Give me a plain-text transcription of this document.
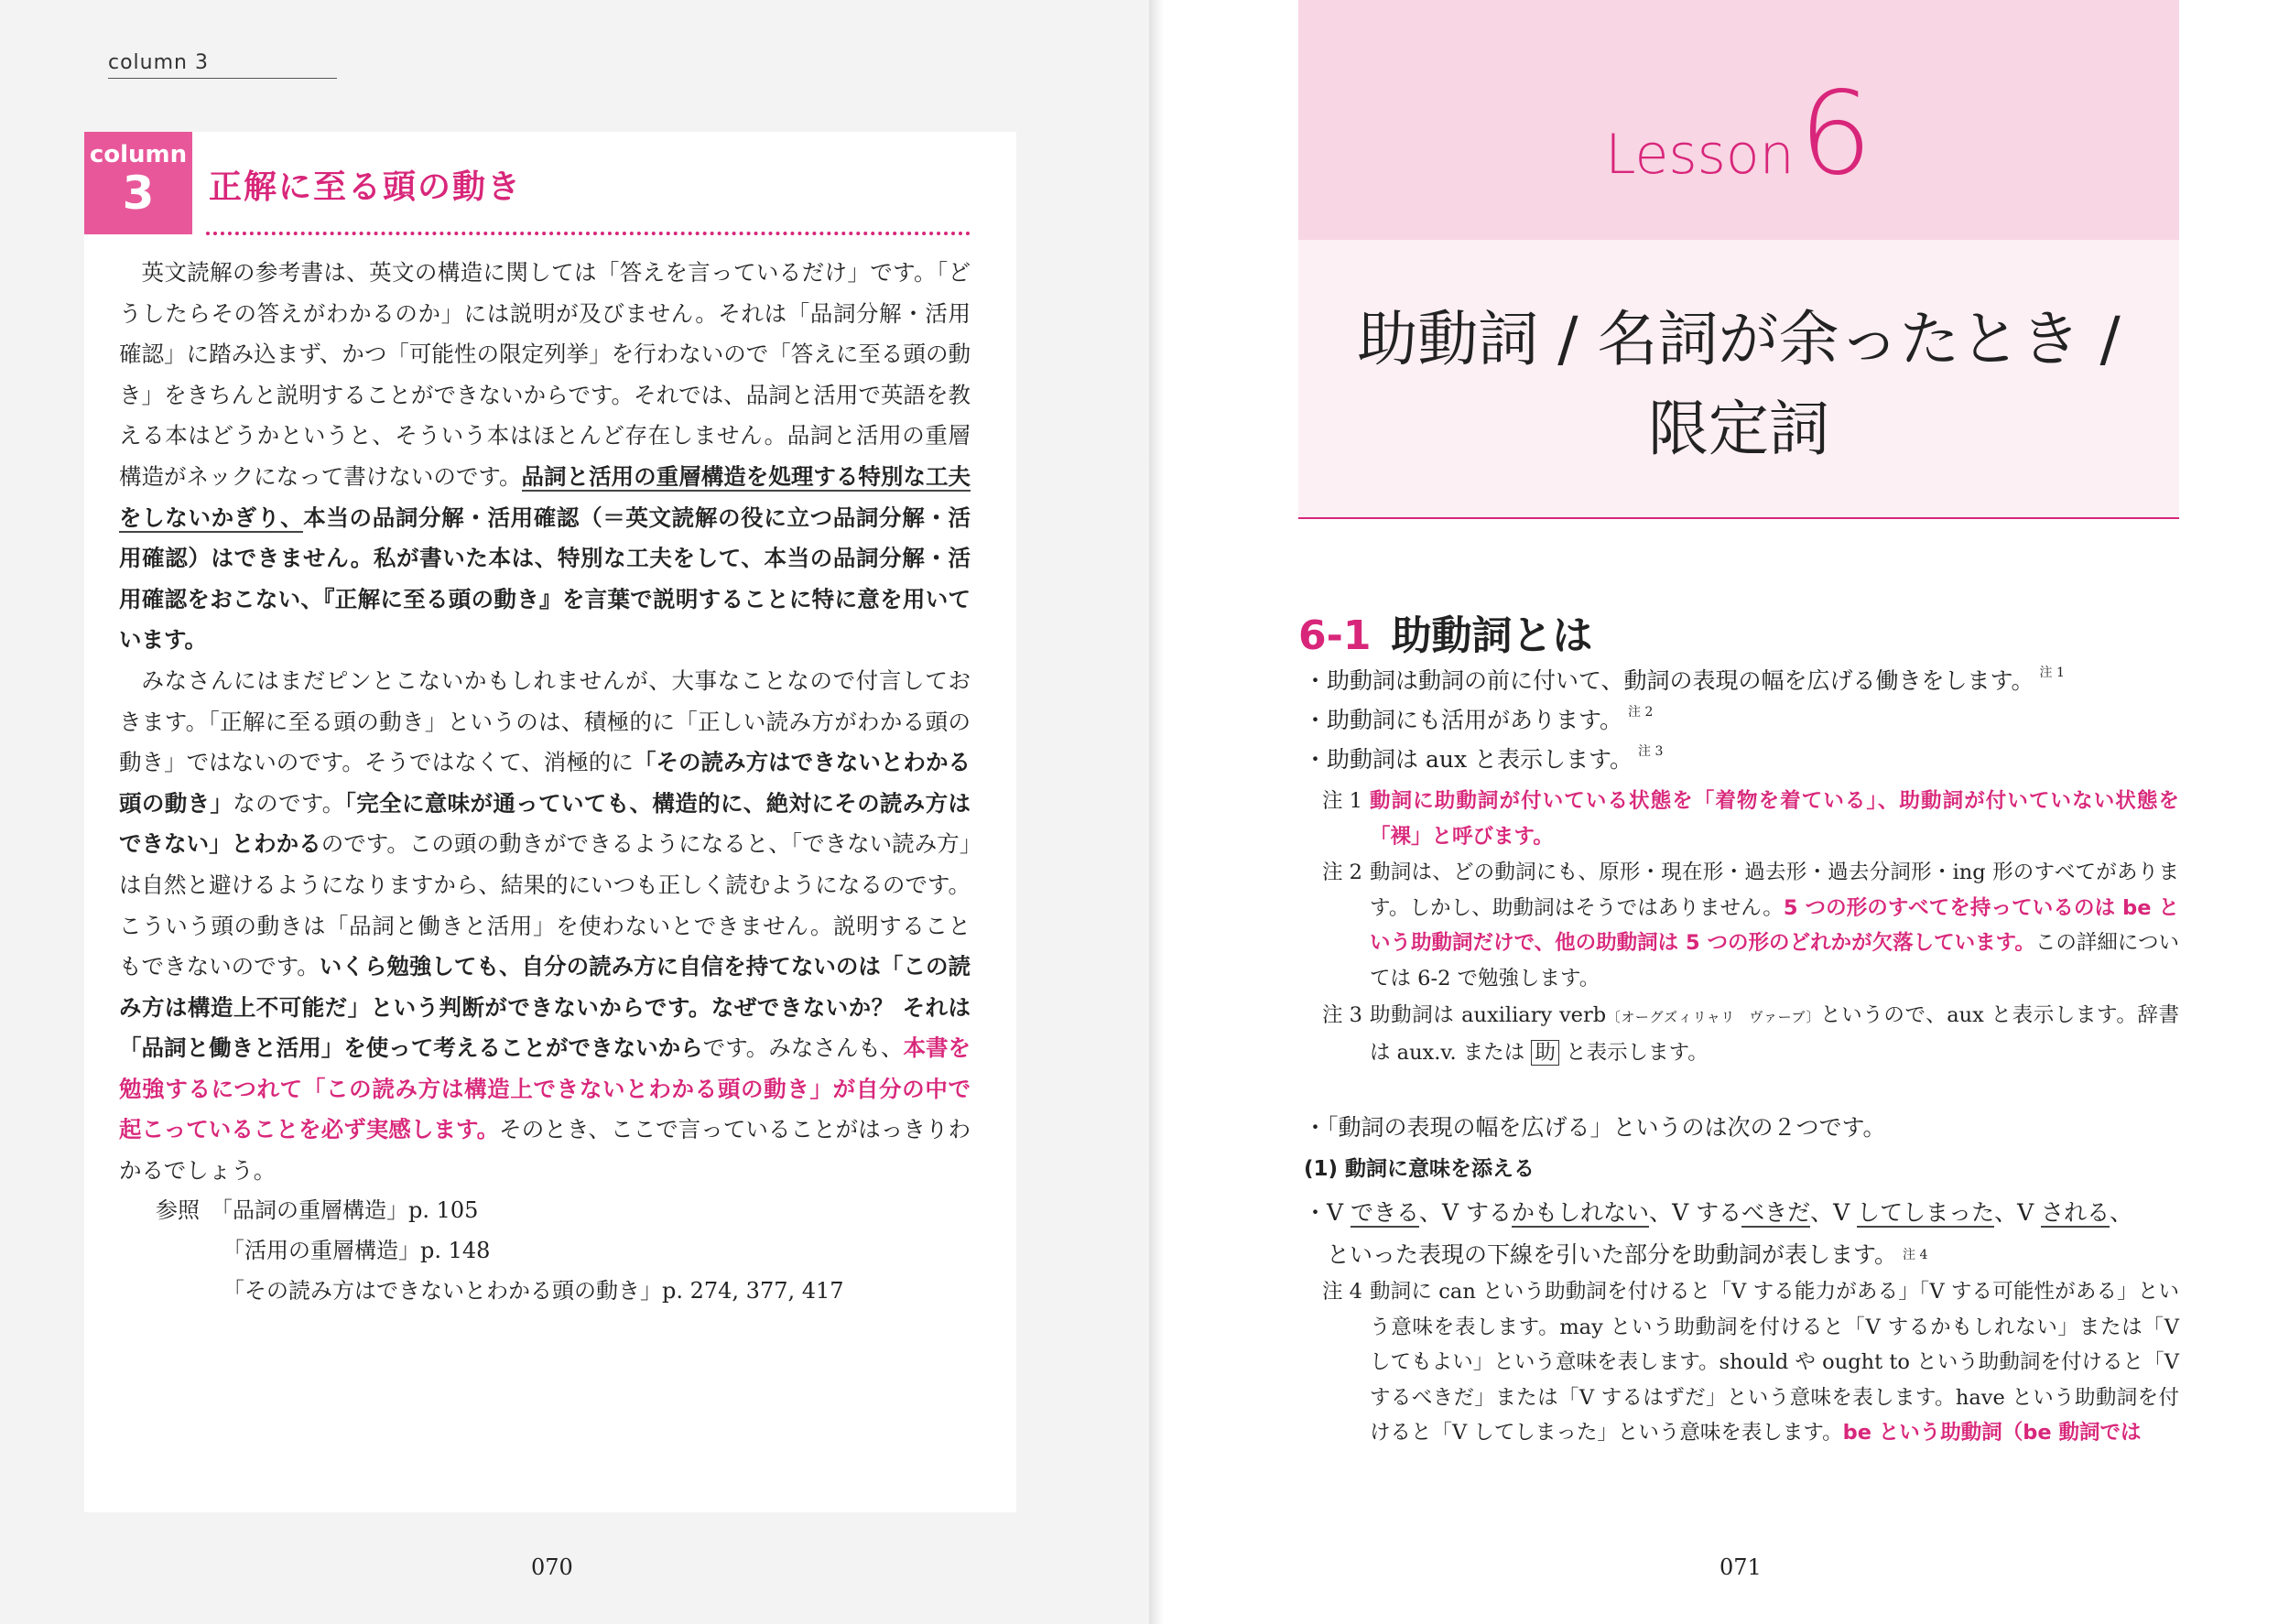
column 3
column
3	正解に至る頭の動き

英文読解の参考書は、英文の構造に関しては「答えを言っているだけ」です。「どうしたらその答えがわかるのか」には説明が及びません。それは「品詞分解・活用確認」に踏み込まず、かつ「可能性の限定列挙」を行わないので「答えに至る頭の動き」をきちんと説明することができないからです。それでは、品詞と活用で英語を教える本はどうかというと、そういう本はほとんど存在しません。品詞と活用の重層構造がネックになって書けないのです。品詞と活用の重層構造を処理する特別な工夫をしないかぎり、本当の品詞分解・活用確認（＝英文読解の役に立つ品詞分解・活用確認）はできません。私が書いた本は、特別な工夫をして、本当の品詞分解・活用確認をおこない、『正解に至る頭の動き』を言葉で説明することに特に意を用いています。

みなさんにはまだピンとこないかもしれませんが、大事なことなので付言しておきます。「正解に至る頭の動き」というのは、積極的に「正しい読み方がわかる頭の動き」ではないのです。そうではなくて、消極的に「その読み方はできないとわかる頭の動き」なのです。「完全に意味が通っていても、構造的に、絶対にその読み方はできない」とわかるのです。この頭の動きができるようになると、「できない読み方」は自然と避けるようになりますから、結果的にいつも正しく読むようになるのです。こういう頭の動きは「品詞と働きと活用」を使わないとできません。説明することもできないのです。いくら勉強しても、自分の読み方に自信を持てないのは「この読み方は構造上不可能だ」という判断ができないからです。なぜできないか？ それは「品詞と働きと活用」を使って考えることができないからです。みなさんも、本書を勉強するにつれて「この読み方は構造上できないとわかる頭の動き」が自分の中で起こっていることを必ず実感します。そのとき、ここで言っていることがはっきりわかるでしょう。

参照　 「品詞の重層構造」p. 105
「活用の重層構造」p. 148
「その読み方はできないとわかる頭の動き」p. 274, 377, 417
070
Lesson 6
助動詞 / 名詞が余ったとき /
限定詞
6-1 助動詞とは
・助動詞は動詞の前に付いて、動詞の表現の幅を広げる働きをします。 $^{注 1}$
・助動詞にも活用があります。 $^{注 2}$
・助動詞は aux と表示します。 $^{注 3}$
注 1 動詞に助動詞が付いている状態を「着物を着ている」、助動詞が付いていない状態を「裸」と呼びます。
注 2 動詞は、どの動詞にも、原形・現在形・過去形・過去分詞形・ing 形のすべてがあります。しかし、助動詞はそうではありません。5 つの形のすべてを持っているのは be という助動詞だけで、他の助動詞は 5 つの形のどれかが欠落しています。この詳細については 6-2 で勉強します。
注 3 助動詞は auxiliary verb〔オーグズィリャリ　ヴァーブ〕というので、aux と表示します。辞書は aux.v. または 助 と表示します。
・「動詞の表現の幅を広げる」というのは次の２つです。
(1) 動詞に意味を添える
・V できる、V するかもしれない、V するべきだ、V してしまった、V される、
　といった表現の下線を引いた部分を助動詞が表します。 $^{注 4}$
注 4 動詞に can という助動詞を付けると「V する能力がある」「V する可能性がある」という意味を表します。may という助動詞を付けると「V するかもしれない」または「V してもよい」という意味を表します。should や ought to という助動詞を付けると「V するべきだ」または「V するはずだ」という意味を表します。have という助動詞を付けると「V してしまった」という意味を表します。be という助動詞（be 動詞では
071
